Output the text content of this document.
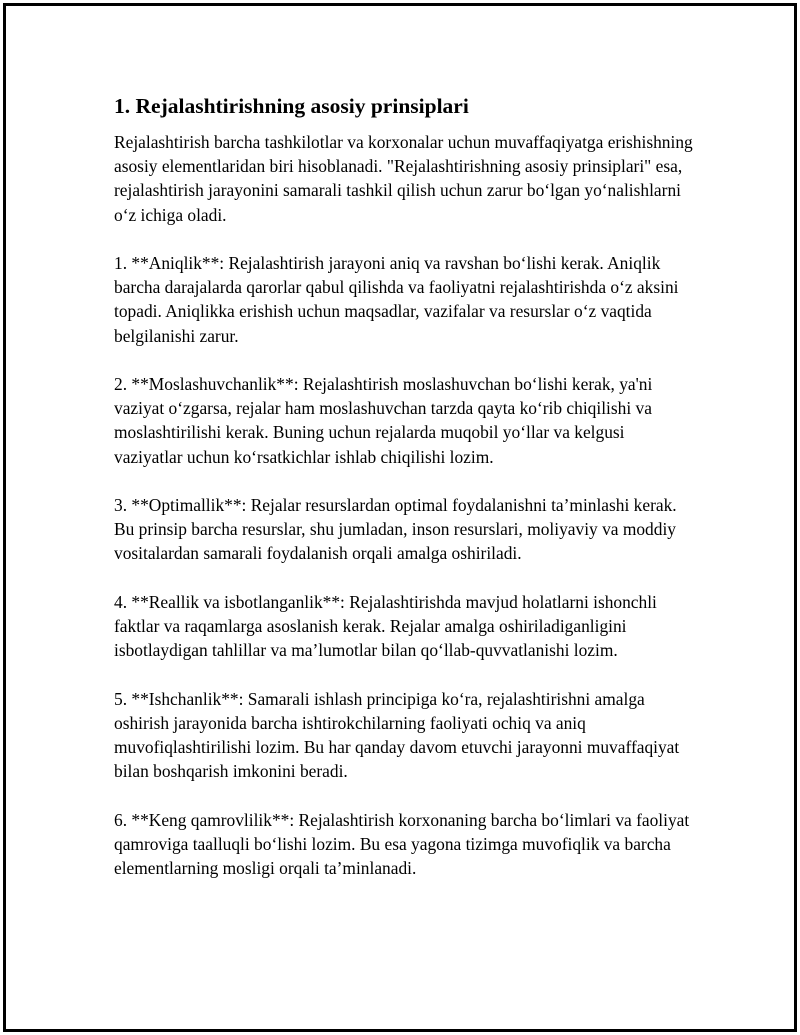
1. Rejalashtirishning asosiy prinsiplari

Rejalashtirish barcha tashkilotlar va korxonalar uchun muvaffaqiyatga erishishning asosiy elementlaridan biri hisoblanadi. "Rejalashtirishning asosiy prinsiplari" esa, rejalashtirish jarayonini samarali tashkil qilish uchun zarur boʻlgan yoʻnalishlarni oʻz ichiga oladi.

1. **Aniqlik**: Rejalashtirish jarayoni aniq va ravshan boʻlishi kerak. Aniqlik barcha darajalarda qarorlar qabul qilishda va faoliyatni rejalashtirishda oʻz aksini topadi. Aniqlikka erishish uchun maqsadlar, vazifalar va resurslar oʻz vaqtida belgilanishi zarur.

2. **Moslashuvchanlik**: Rejalashtirish moslashuvchan boʻlishi kerak, ya'ni vaziyat oʻzgarsa, rejalar ham moslashuvchan tarzda qayta koʻrib chiqilishi va moslashtirilishi kerak. Buning uchun rejalarda muqobil yoʻllar va kelgusi vaziyatlar uchun koʻrsatkichlar ishlab chiqilishi lozim.

3. **Optimallik**: Rejalar resurslardan optimal foydalanishni taʼminlashi kerak. Bu prinsip barcha resurslar, shu jumladan, inson resurslari, moliyaviy va moddiy vositalardan samarali foydalanish orqali amalga oshiriladi.

4. **Reallik va isbotlanganlik**: Rejalashtirishda mavjud holatlarni ishonchli faktlar va raqamlarga asoslanish kerak. Rejalar amalga oshiriladiganligini isbotlaydigan tahlillar va maʼlumotlar bilan qoʻllab-quvvatlanishi lozim.

5. **Ishchanlik**: Samarali ishlash principiga koʻra, rejalashtirishni amalga oshirish jarayonida barcha ishtirokchilarning faoliyati ochiq va aniq muvofiqlashtirilishi lozim. Bu har qanday davom etuvchi jarayonni muvaffaqiyat bilan boshqarish imkonini beradi.

6. **Keng qamrovlilik**: Rejalashtirish korxonaning barcha boʻlimlari va faoliyat qamroviga taalluqli boʻlishi lozim. Bu esa yagona tizimga muvofiqlik va barcha elementlarning mosligi orqali taʼminlanadi.
